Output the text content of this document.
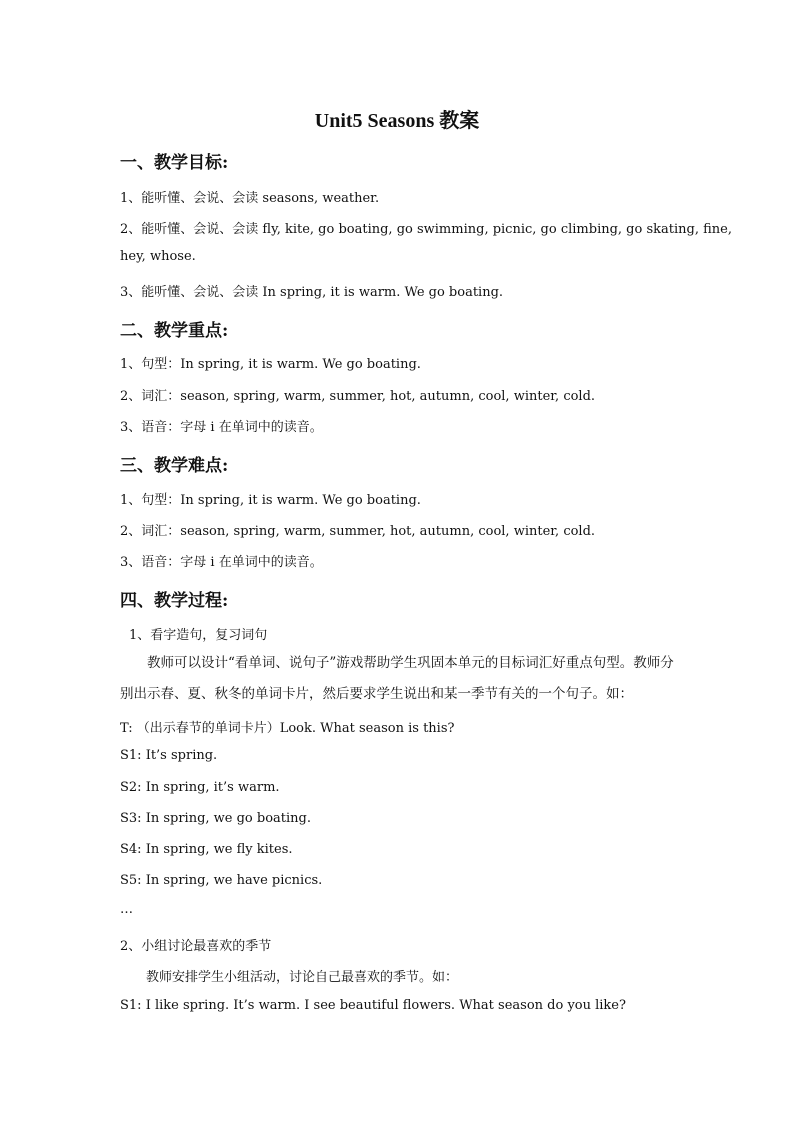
Unit5 Seasons 教案
一、教学目标:
1、能听懂、会说、会读 seasons, weather.
2、能听懂、会说、会读 fly, kite, go boating, go swimming, picnic, go climbing, go skating, fine,
hey, whose.
3、能听懂、会说、会读 In spring, it is warm. We go boating.
二、教学重点:
1、句型：In spring, it is warm. We go boating.
2、词汇：season, spring, warm, summer, hot, autumn, cool, winter, cold.
3、语音：字母 i 在单词中的读音。
三、教学难点:
1、句型：In spring, it is warm. We go boating.
2、词汇：season, spring, warm, summer, hot, autumn, cool, winter, cold.
3、语音：字母 i 在单词中的读音。
四、教学过程:
1、看字造句，复习词句
教师可以设计“看单词、说句子”游戏帮助学生巩固本单元的目标词汇好重点句型。教师分别出示春、夏、秋冬的单词卡片，然后要求学生说出和某一季节有关的一个句子。如：
T: （出示春节的单词卡片）Look. What season is this?
S1: It’s spring.
S2: In spring, it’s warm.
S3: In spring, we go boating.
S4: In spring, we fly kites.
S5: In spring, we have picnics.
…
2、小组讨论最喜欢的季节
教师安排学生小组活动，讨论自己最喜欢的季节。如：
S1: I like spring. It’s warm. I see beautiful flowers. What season do you like?
